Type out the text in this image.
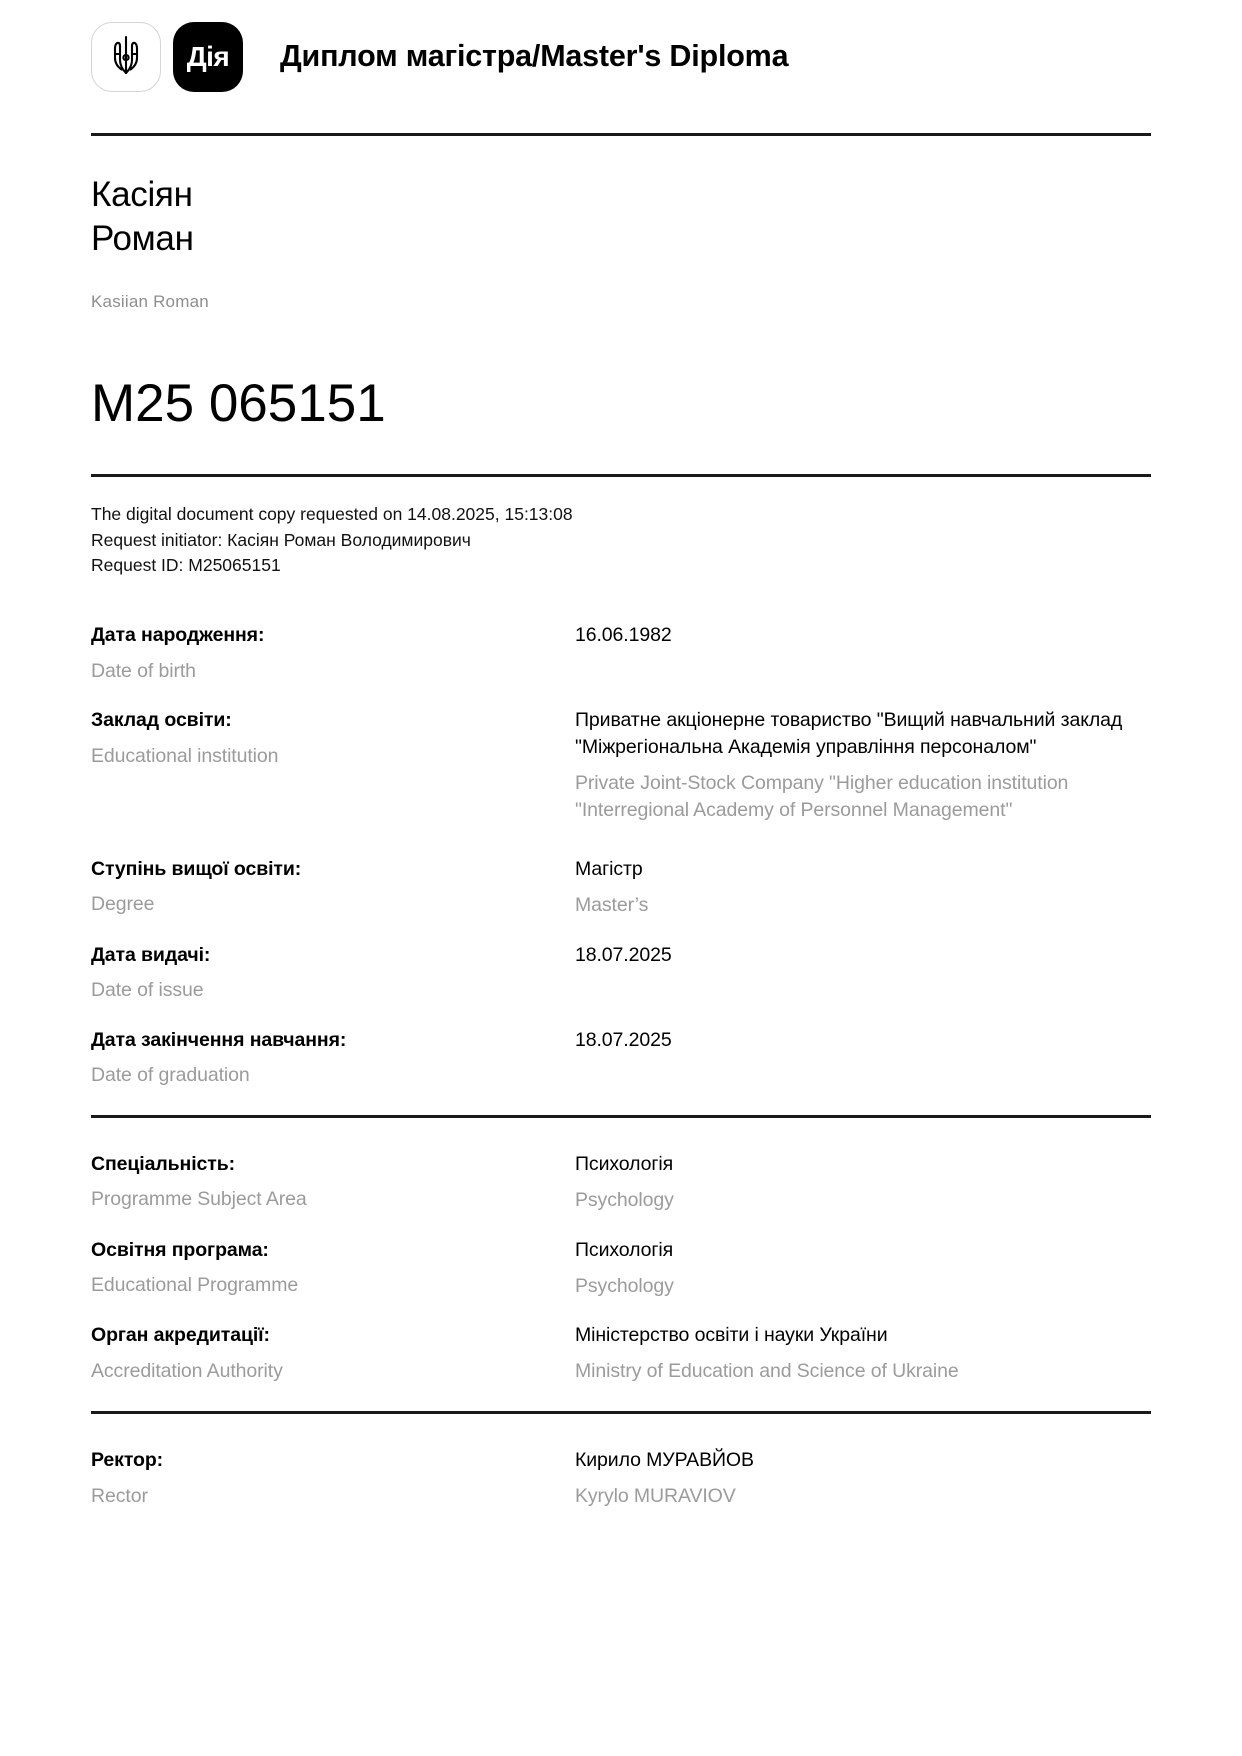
Дія Диплом магістра/Master's Diploma
Касіян
Роман
Kasiian Roman
M25 065151
The digital document copy requested on 14.08.2025, 15:13:08
Request initiator: Касіян Роман Володимирович
Request ID: M25065151
Дата народження:
Date of birth
16.06.1982
Заклад освіти:
Educational institution
Приватне акціонерне товариство "Вищий навчальний заклад "Міжрегіональна Академія управління персоналом"
Private Joint-Stock Company "Higher education institution "Interregional Academy of Personnel Management"
Ступінь вищої освіти:
Degree
Магістр
Master’s
Дата видачі:
Date of issue
18.07.2025
Дата закінчення навчання:
Date of graduation
18.07.2025
Спеціальність:
Programme Subject Area
Психологія
Psychology
Освітня програма:
Educational Programme
Психологія
Psychology
Орган акредитації:
Accreditation Authority
Міністерство освіти і науки України
Ministry of Education and Science of Ukraine
Ректор:
Rector
Кирило МУРАВЙОВ
Kyrylo MURAVIOV
